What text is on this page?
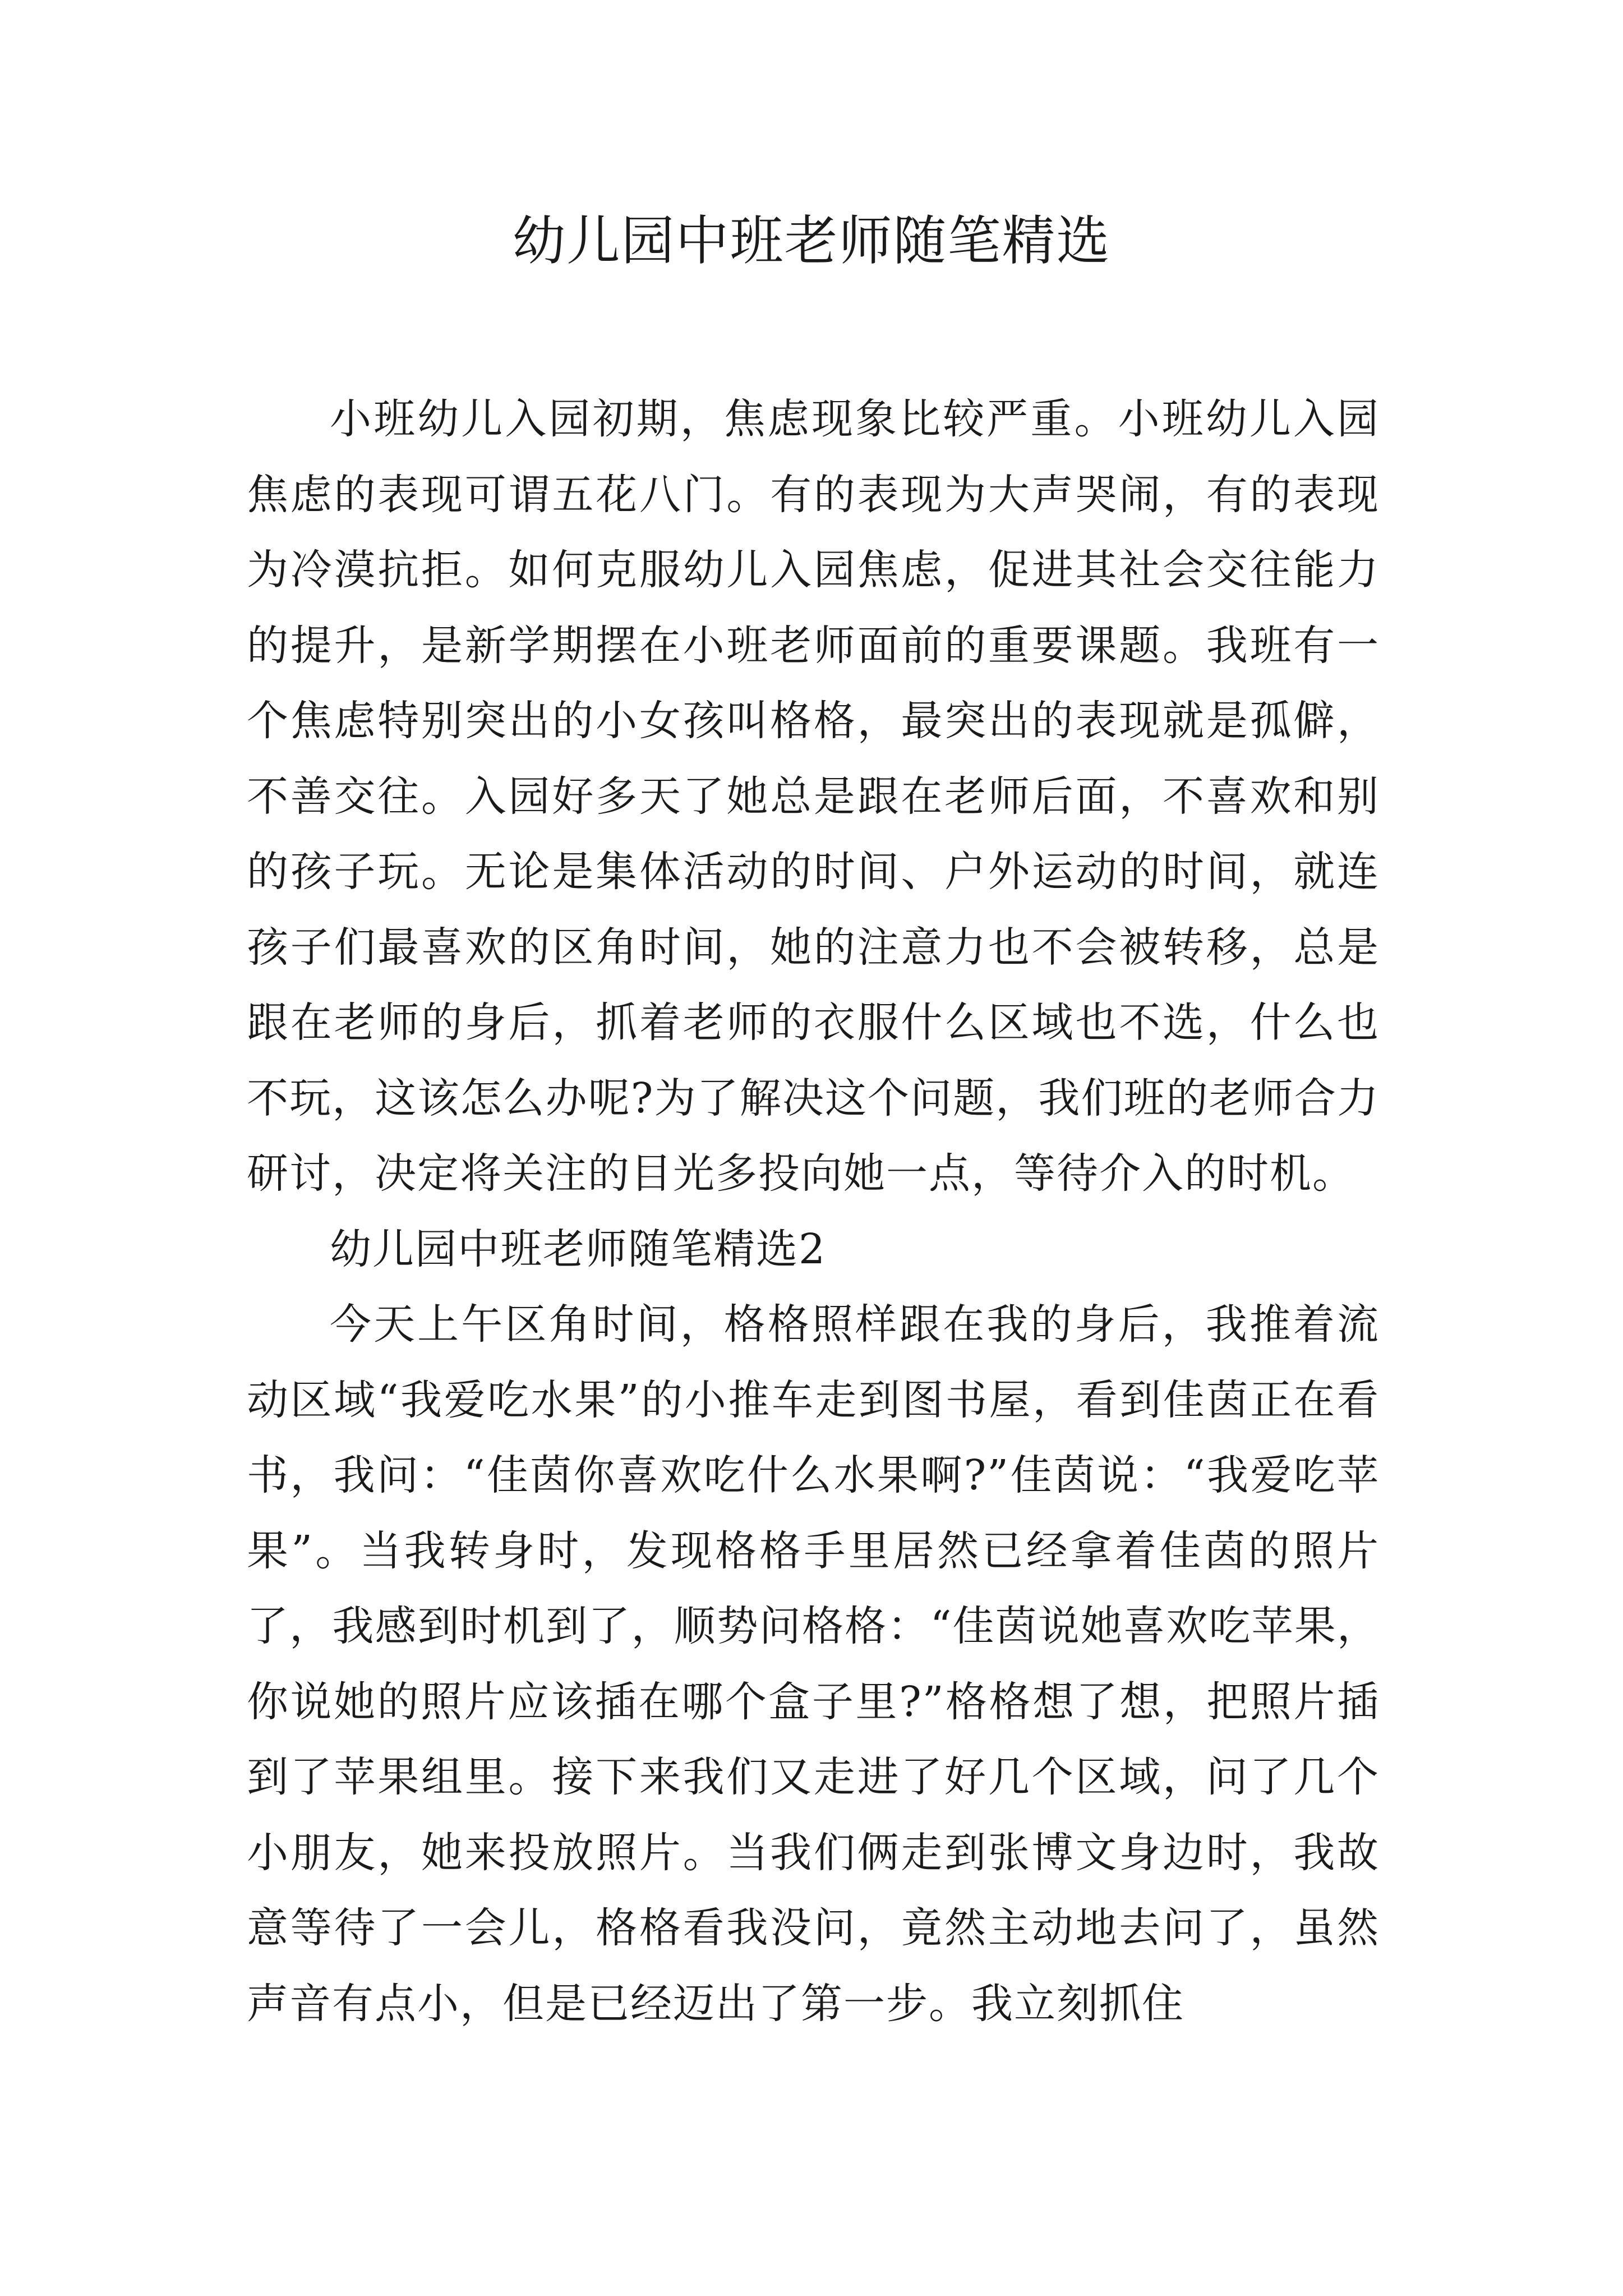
幼儿园中班老师随笔精选

小班幼儿入园初期，焦虑现象比较严重。小班幼儿入园焦虑的表现可谓五花八门。有的表现为大声哭闹，有的表现为冷漠抗拒。如何克服幼儿入园焦虑，促进其社会交往能力的提升，是新学期摆在小班老师面前的重要课题。我班有一个焦虑特别突出的小女孩叫格格，最突出的表现就是孤僻，不善交往。入园好多天了她总是跟在老师后面，不喜欢和别的孩子玩。无论是集体活动的时间、户外运动的时间，就连孩子们最喜欢的区角时间，她的注意力也不会被转移，总是跟在老师的身后，抓着老师的衣服什么区域也不选，什么也不玩，这该怎么办呢?为了解决这个问题，我们班的老师合力研讨，决定将关注的目光多投向她一点，等待介入的时机。

幼儿园中班老师随笔精选2

今天上午区角时间，格格照样跟在我的身后，我推着流动区域“我爱吃水果”的小推车走到图书屋，看到佳茵正在看书，我问：“佳茵你喜欢吃什么水果啊?”佳茵说：“我爱吃苹果”。当我转身时，发现格格手里居然已经拿着佳茵的照片了，我感到时机到了，顺势问格格：“佳茵说她喜欢吃苹果，你说她的照片应该插在哪个盒子里?”格格想了想，把照片插到了苹果组里。接下来我们又走进了好几个区域，问了几个小朋友，她来投放照片。当我们俩走到张博文身边时，我故意等待了一会儿，格格看我没问，竟然主动地去问了，虽然声音有点小，但是已经迈出了第一步。我立刻抓住
